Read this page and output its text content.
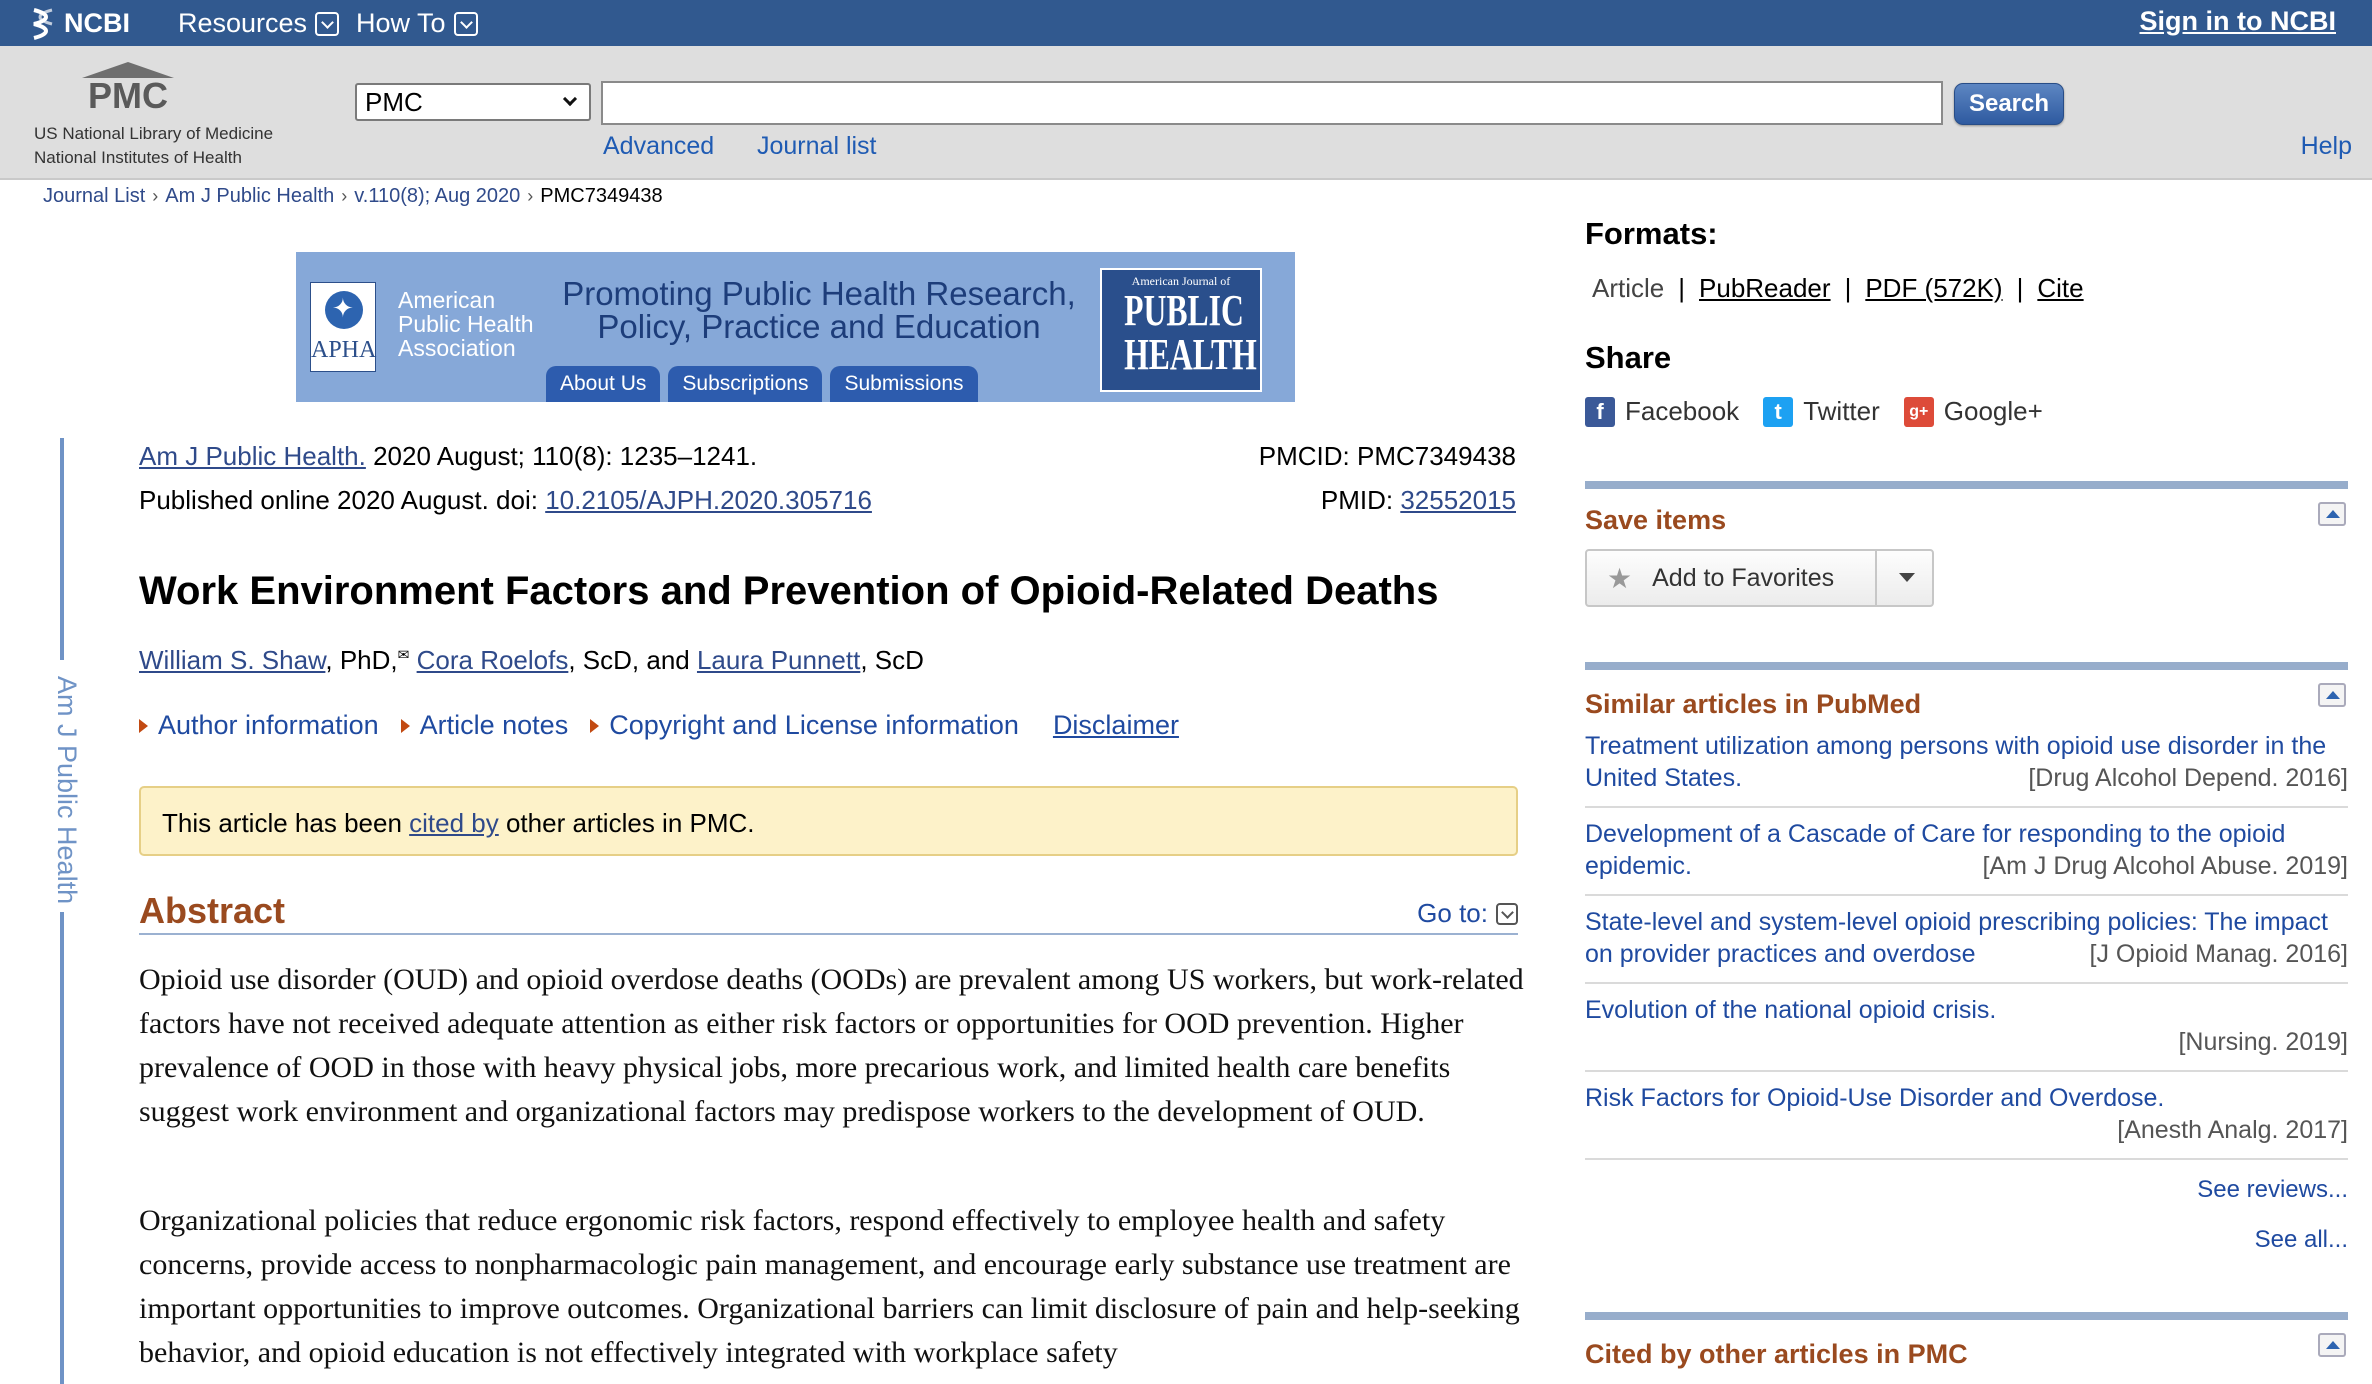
NCBI Resources How To	Sign in to NCBI
PMC
US National Library of Medicine
National Institutes of Health
PMC	Search
Advanced Journal list	Help
Journal List › Am J Public Health › v.110(8); Aug 2020 › PMC7349438
✦
APHA
American
Public Health
Association
Promoting Public Health Research,
Policy, Practice and Education
About Us	Subscriptions	Submissions
American Journal of
PUBLIC
HEALTH
Am J Public Health
Am J Public Health. 2020 August; 110(8): 1235–1241.
Published online 2020 August. doi: 10.2105/AJPH.2020.305716
PMCID: PMC7349438
PMID: 32552015
Work Environment Factors and Prevention of Opioid-Related Deaths
William S. Shaw, PhD,✉ Cora Roelofs, ScD, and Laura Punnett, ScD
Author information Article notes Copyright and License information Disclaimer
This article has been cited by other articles in PMC.
Abstract	Go to:

Opioid use disorder (OUD) and opioid overdose deaths (OODs) are prevalent among US workers, but work-related factors have not received adequate attention as either risk factors or opportunities for OOD prevention. Higher prevalence of OOD in those with heavy physical jobs, more precarious work, and limited health care benefits suggest work environment and organizational factors may predispose workers to the development of OUD.

Organizational policies that reduce ergonomic risk factors, respond effectively to employee health and safety concerns, provide access to nonpharmacologic pain management, and encourage early substance use treatment are important opportunities to improve outcomes. Organizational barriers can limit disclosure of pain and help-seeking behavior, and opioid education is not effectively integrated with workplace safety

Formats:
Article | PubReader | PDF (572K) | Cite
Share
f Facebook	t Twitter	g+ Google+
Save items
★ Add to Favorites
Similar articles in PubMed
Treatment utilization among persons with opioid use disorder in the United States.	[Drug Alcohol Depend. 2016]
Development of a Cascade of Care for responding to the opioid epidemic.	[Am J Drug Alcohol Abuse. 2019]
State-level and system-level opioid prescribing policies: The impact on provider practices and overdose	[J Opioid Manag. 2016]
Evolution of the national opioid crisis.
[Nursing. 2019]
Risk Factors for Opioid-Use Disorder and Overdose.
[Anesth Analg. 2017]
See reviews...
See all...
Cited by other articles in PMC
